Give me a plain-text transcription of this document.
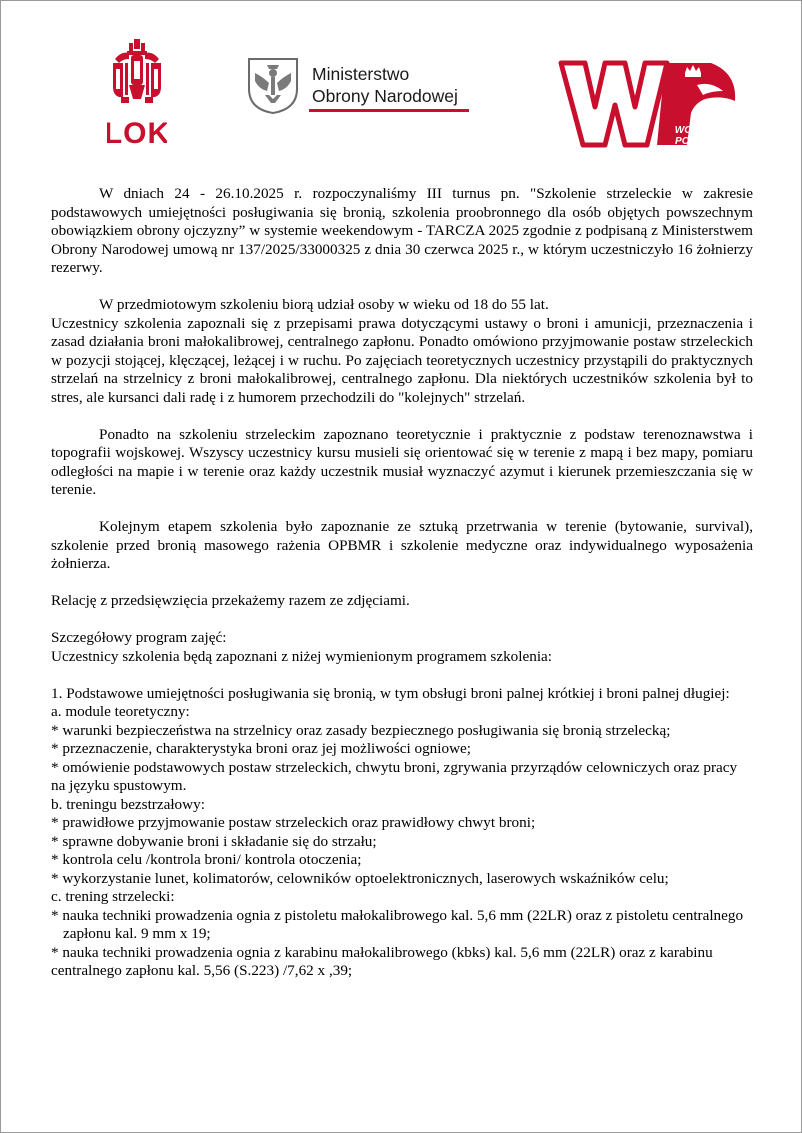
LOK
Ministerstwo
Obrony Narodowej
WOJSKO
POLSKIE

W dniach 24 - 26.10.2025 r. rozpoczynaliśmy III turnus pn. "Szkolenie strzeleckie w zakresie podstawowych umiejętności posługiwania się bronią, szkolenia proobronnego dla osób objętych powszechnym obowiązkiem obrony ojczyzny” w systemie weekendowym - TARCZA 2025 zgodnie z podpisaną z Ministerstwem Obrony Narodowej umową nr 137/2025/33000325 z dnia 30 czerwca 2025 r., w którym uczestniczyło 16 żołnierzy rezerwy.

W przedmiotowym szkoleniu biorą udział osoby w wieku od 18 do 55 lat.

Uczestnicy szkolenia zapoznali się z przepisami prawa dotyczącymi ustawy o broni i amunicji, przeznaczenia i zasad działania broni małokalibrowej, centralnego zapłonu. Ponadto omówiono przyjmowanie postaw strzeleckich w pozycji stojącej, klęczącej, leżącej i w ruchu. Po zajęciach teoretycznych uczestnicy przystąpili do praktycznych strzelań na strzelnicy z broni małokalibrowej, centralnego zapłonu. Dla niektórych uczestników szkolenia był to stres, ale kursanci dali radę i z humorem przechodzili do "kolejnych" strzelań.

Ponadto na szkoleniu strzeleckim zapoznano teoretycznie i praktycznie z podstaw terenoznawstwa i topografii wojskowej. Wszyscy uczestnicy kursu musieli się orientować się w terenie z mapą i bez mapy, pomiaru odległości na mapie i w terenie oraz każdy uczestnik musiał wyznaczyć azymut i kierunek przemieszczania się w terenie.

Kolejnym etapem szkolenia było zapoznanie ze sztuką przetrwania w terenie (bytowanie, survival), szkolenie przed bronią masowego rażenia OPBMR i szkolenie medyczne oraz indywidualnego wyposażenia żołnierza.

Relację z przedsięwzięcia przekażemy razem ze zdjęciami.

Szczegółowy program zajęć:

Uczestnicy szkolenia będą zapoznani z niżej wymienionym programem szkolenia:

1. Podstawowe umiejętności posługiwania się bronią, w tym obsługi broni palnej krótkiej i broni palnej długiej:

a. module teoretyczny:

* warunki bezpieczeństwa na strzelnicy oraz zasady bezpiecznego posługiwania się bronią strzelecką;

* przeznaczenie, charakterystyka broni oraz jej możliwości ogniowe;

* omówienie podstawowych postaw strzeleckich, chwytu broni, zgrywania przyrządów celowniczych oraz pracy na języku spustowym.

b. treningu bezstrzałowy:

* prawidłowe przyjmowanie postaw strzeleckich oraz prawidłowy chwyt broni;

* sprawne dobywanie broni i składanie się do strzału;

* kontrola celu /kontrola broni/ kontrola otoczenia;

* wykorzystanie lunet, kolimatorów, celowników optoelektronicznych, laserowych wskaźników celu;

c. trening strzelecki:

* nauka techniki prowadzenia ognia z pistoletu małokalibrowego kal. 5,6 mm (22LR) oraz z pistoletu centralnego zapłonu kal. 9 mm x 19;

* nauka techniki prowadzenia ognia z karabinu małokalibrowego (kbks) kal. 5,6 mm (22LR) oraz z karabinu centralnego zapłonu kal. 5,56 (S.223) /7,62 x ,39;
